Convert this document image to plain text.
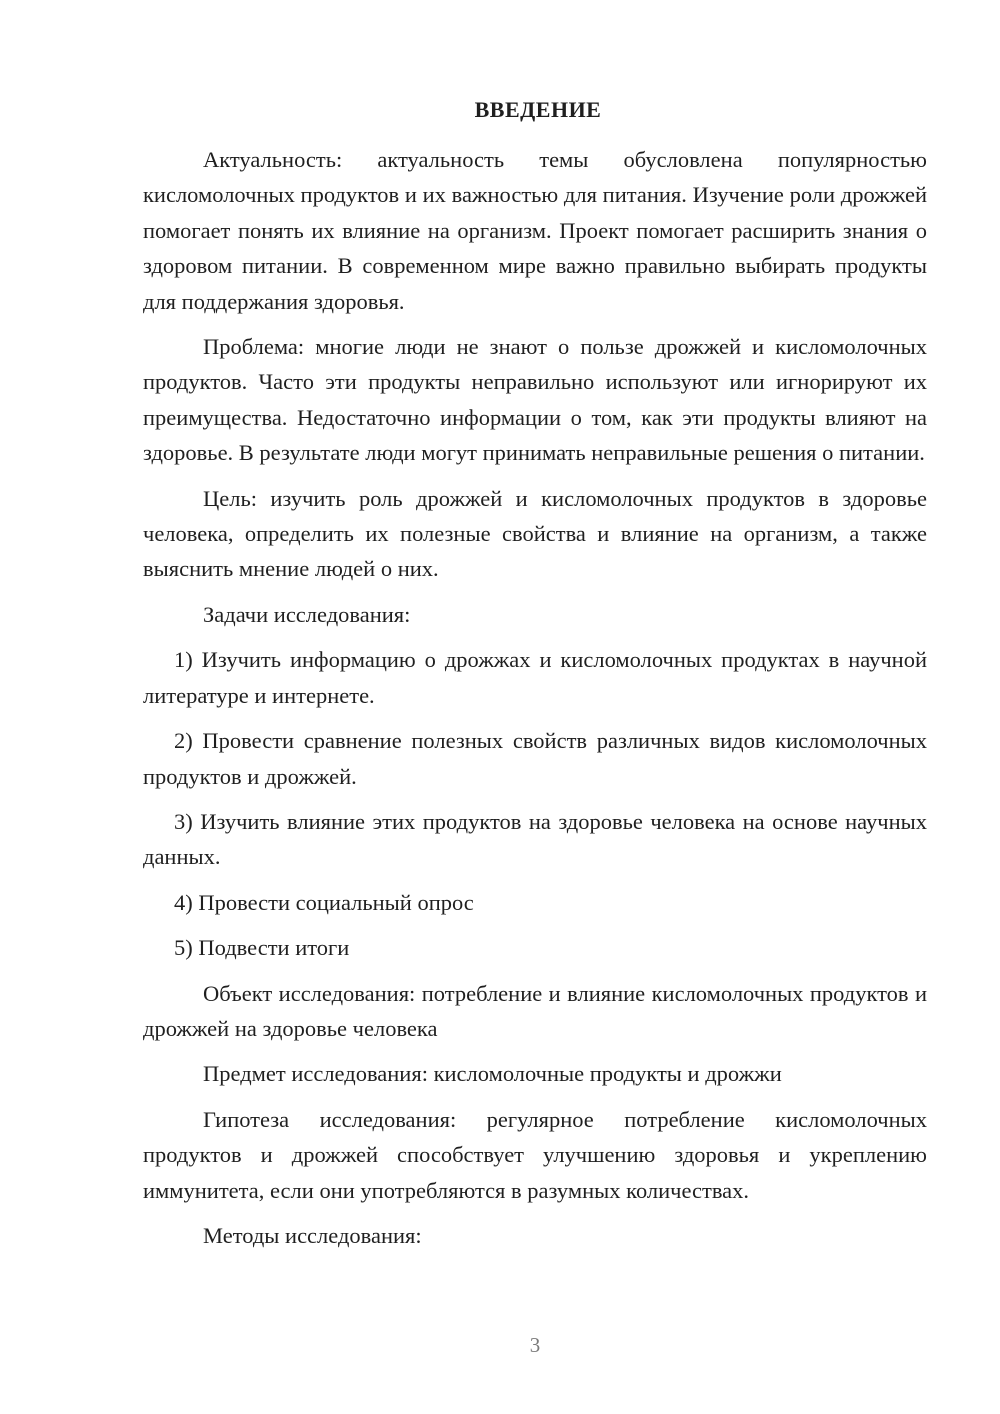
ВВЕДЕНИЕ

Актуальность: актуальность темы обусловлена популярностью кисломолочных продуктов и их важностью для питания. Изучение роли дрожжей помогает понять их влияние на организм. Проект помогает расширить знания о здоровом питании. В современном мире важно правильно выбирать продукты для поддержания здоровья.

Проблема: многие люди не знают о пользе дрожжей и кисломолочных продуктов. Часто эти продукты неправильно используют или игнорируют их преимущества. Недостаточно информации о том, как эти продукты влияют на здоровье. В результате люди могут принимать неправильные решения о питании.

Цель: изучить роль дрожжей и кисломолочных продуктов в здоровье человека, определить их полезные свойства и влияние на организм, а также выяснить мнение людей о них.

Задачи исследования:

1) Изучить информацию о дрожжах и кисломолочных продуктах в научной литературе и интернете.

2) Провести сравнение полезных свойств различных видов кисломолочных продуктов и дрожжей.

3) Изучить влияние этих продуктов на здоровье человека на основе научных данных.

4) Провести социальный опрос

5) Подвести итоги

Объект исследования: потребление и влияние кисломолочных продуктов и дрожжей на здоровье человека

Предмет исследования: кисломолочные продукты и дрожжи

Гипотеза исследования: регулярное потребление кисломолочных продуктов и дрожжей способствует улучшению здоровья и укреплению иммунитета, если они употребляются в разумных количествах.

Методы исследования:

3
